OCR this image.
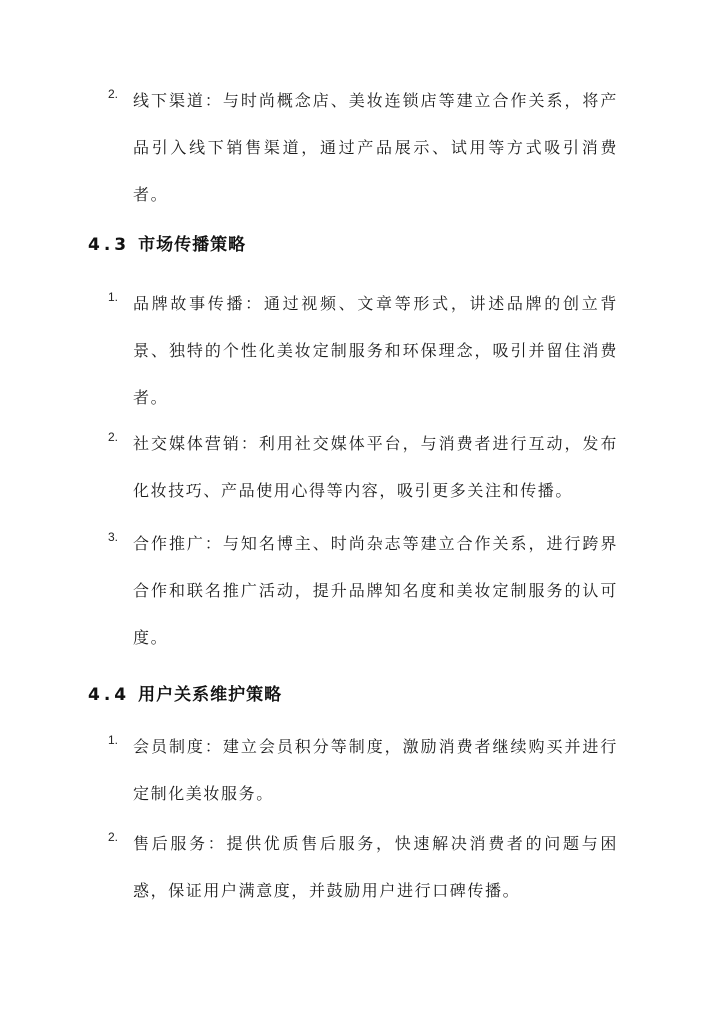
2. 线下渠道：与时尚概念店、美妆连锁店等建立合作关系，将产品引入线下销售渠道，通过产品展示、试用等方式吸引消费者。
4.3 市场传播策略
1. 品牌故事传播：通过视频、文章等形式，讲述品牌的创立背景、独特的个性化美妆定制服务和环保理念，吸引并留住消费者。
2. 社交媒体营销：利用社交媒体平台，与消费者进行互动，发布化妆技巧、产品使用心得等内容，吸引更多关注和传播。
3. 合作推广：与知名博主、时尚杂志等建立合作关系，进行跨界合作和联名推广活动，提升品牌知名度和美妆定制服务的认可度。
4.4 用户关系维护策略
1. 会员制度：建立会员积分等制度，激励消费者继续购买并进行定制化美妆服务。
2. 售后服务：提供优质售后服务，快速解决消费者的问题与困惑，保证用户满意度，并鼓励用户进行口碑传播。
